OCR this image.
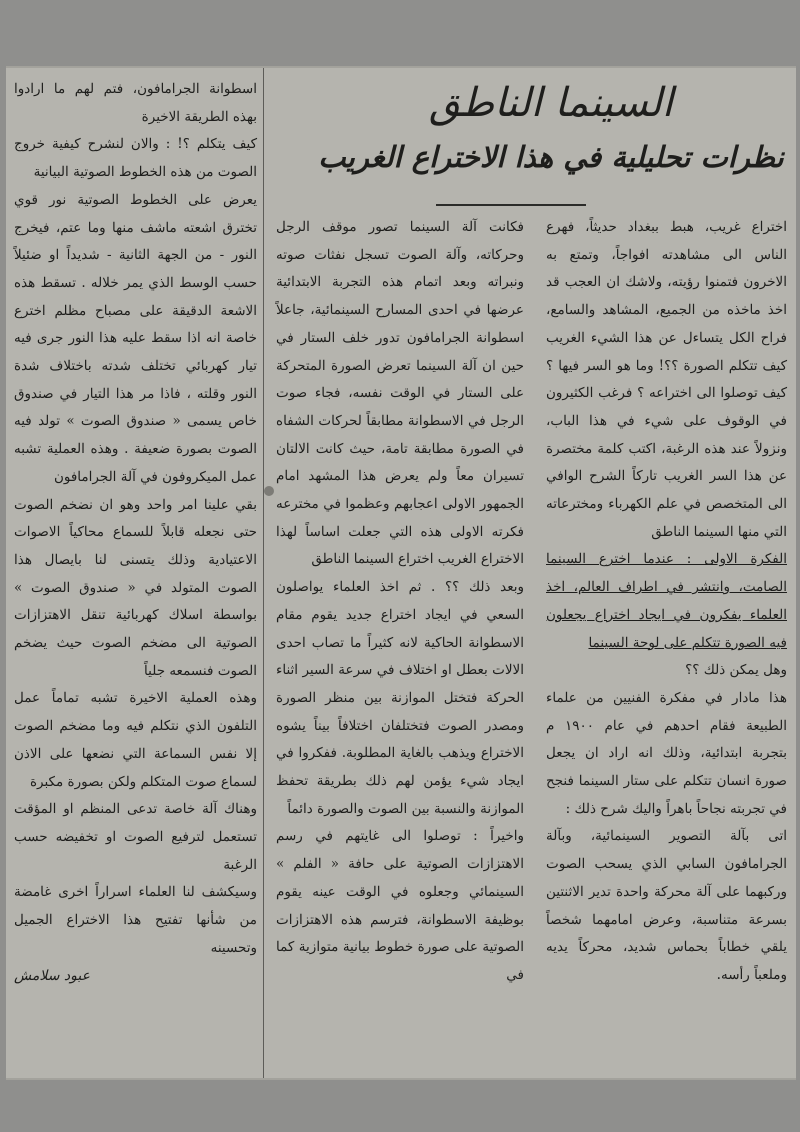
السينما الناطق
نظرات تحليلية في هذا الاختراع الغريب

اختراع غريب، هبط ببغداد حديثاً، فهرع الناس الى مشاهدته افواجاً، وتمتع به الاخرون فتمنوا رؤيته، ولاشك ان العجب قد اخذ ماخذه من الجميع، المشاهد والسامع، فراح الكل يتساءل عن هذا الشيء الغريب كيف تتكلم الصورة ؟؟! وما هو السر فيها ؟ كيف توصلوا الى اختراعه ؟ فرغب الكثيرون في الوقوف على شيء في هذا الباب، ونزولاً عند هذه الرغبة، اكتب كلمة مختصرة عن هذا السر الغريب تاركاً الشرح الوافي الى المتخصص في علم الكهرباء ومخترعاته التي منها السينما الناطق

الفكرة الاولى : عندما اخترع السينما الصامت، وانتشر في اطراف العالم، اخذ العلماء يفكرون في ايجاد اختراع يجعلون فيه الصورة تتكلم على لوحة السينما

وهل يمكن ذلك ؟؟

هذا مادار في مفكرة الفنيين من علماء الطبيعة فقام احدهم في عام ١٩٠٠ م بتجربة ابتدائية، وذلك انه اراد ان يجعل صورة انسان تتكلم على ستار السينما فنجح في تجربته نجاحاً باهراً واليك شرح ذلك :

اتى بآلة التصوير السينمائية، وبآلة الجرامافون السابي الذي يسحب الصوت وركبهما على آلة محركة واحدة تدير الاثنتين بسرعة متناسبة، وعرض امامهما شخصاً يلقي خطاباً بحماس شديد، محركاً يديه وملعباً رأسه.

فكانت آلة السينما تصور موقف الرجل وحركاته، وآلة الصوت تسجل نفثات صوته ونبراته وبعد اتمام هذه التجربة الابتدائية عرضها في احدى المسارح السينمائية، جاعلاً اسطوانة الجرامافون تدور خلف الستار في حين ان آلة السينما تعرض الصورة المتحركة على الستار في الوقت نفسه، فجاء صوت الرجل في الاسطوانة مطابقاً لحركات الشفاه في الصورة مطابقة تامة، حيث كانت الالتان تسيران معاً ولم يعرض هذا المشهد امام الجمهور الاولى اعجابهم وعظموا في مخترعه فكرته الاولى هذه التي جعلت اساساً لهذا الاختراع الغريب اختراع السينما الناطق

وبعد ذلك ؟؟ . ثم اخذ العلماء يواصلون السعي في ايجاد اختراع جديد يقوم مقام الاسطوانة الحاكية لانه كثيراً ما تصاب احدى الالات بعطل او اختلاف في سرعة السير اثناء الحركة فتختل الموازنة بين منظر الصورة ومصدر الصوت فتختلفان اختلافاً بيناً يشوه الاختراع ويذهب بالغاية المطلوبة. ففكروا في ايجاد شيء يؤمن لهم ذلك بطريقة تحفظ الموازنة والنسبة بين الصوت والصورة دائماً

واخيراً : توصلوا الى غايتهم في رسم الاهتزازات الصوتية على حافة « الفلم » السينمائي وجعلوه في الوقت عينه يقوم بوظيفة الاسطوانة، فترسم هذه الاهتزازات الصوتية على صورة خطوط بيانية متوازية كما في

اسطوانة الجرامافون، فتم لهم ما ارادوا بهذه الطريقة الاخيرة

كيف يتكلم ؟! : والان لنشرح كيفية خروج الصوت من هذه الخطوط الصوتية البيانية

يعرض على الخطوط الصوتية نور قوي تخترق اشعته ماشف منها وما عتم، فيخرج النور - من الجهة الثانية - شديداً او ضئيلاً حسب الوسط الذي يمر خلاله . تسقط هذه الاشعة الدقيقة على مصباح مظلم اخترع خاصة انه اذا سقط عليه هذا النور جرى فيه تيار كهربائي تختلف شدته باختلاف شدة النور وقلته ، فاذا مر هذا التيار في صندوق خاص يسمى « صندوق الصوت » تولد فيه الصوت بصورة ضعيفة . وهذه العملية تشبه عمل الميكروفون في آلة الجرامافون

بقي علينا امر واحد وهو ان نضخم الصوت حتى نجعله قابلاً للسماع محاكياً الاصوات الاعتيادية وذلك يتسنى لنا بايصال هذا الصوت المتولد في « صندوق الصوت » بواسطة اسلاك كهربائية تنقل الاهتزازات الصوتية الى مضخم الصوت حيث يضخم الصوت فنسمعه جلياً

وهذه العملية الاخيرة تشبه تماماً عمل التلفون الذي نتكلم فيه وما مضخم الصوت إلا نفس السماعة التي نضعها على الاذن لسماع صوت المتكلم ولكن بصورة مكبرة

وهناك آلة خاصة تدعى المنظم او المؤقت تستعمل لترفيع الصوت او تخفيضه حسب الرغبة

وسيكشف لنا العلماء اسراراً اخرى غامضة من شأنها تفتيح هذا الاختراع الجميل وتحسينه

عبود سلامش
